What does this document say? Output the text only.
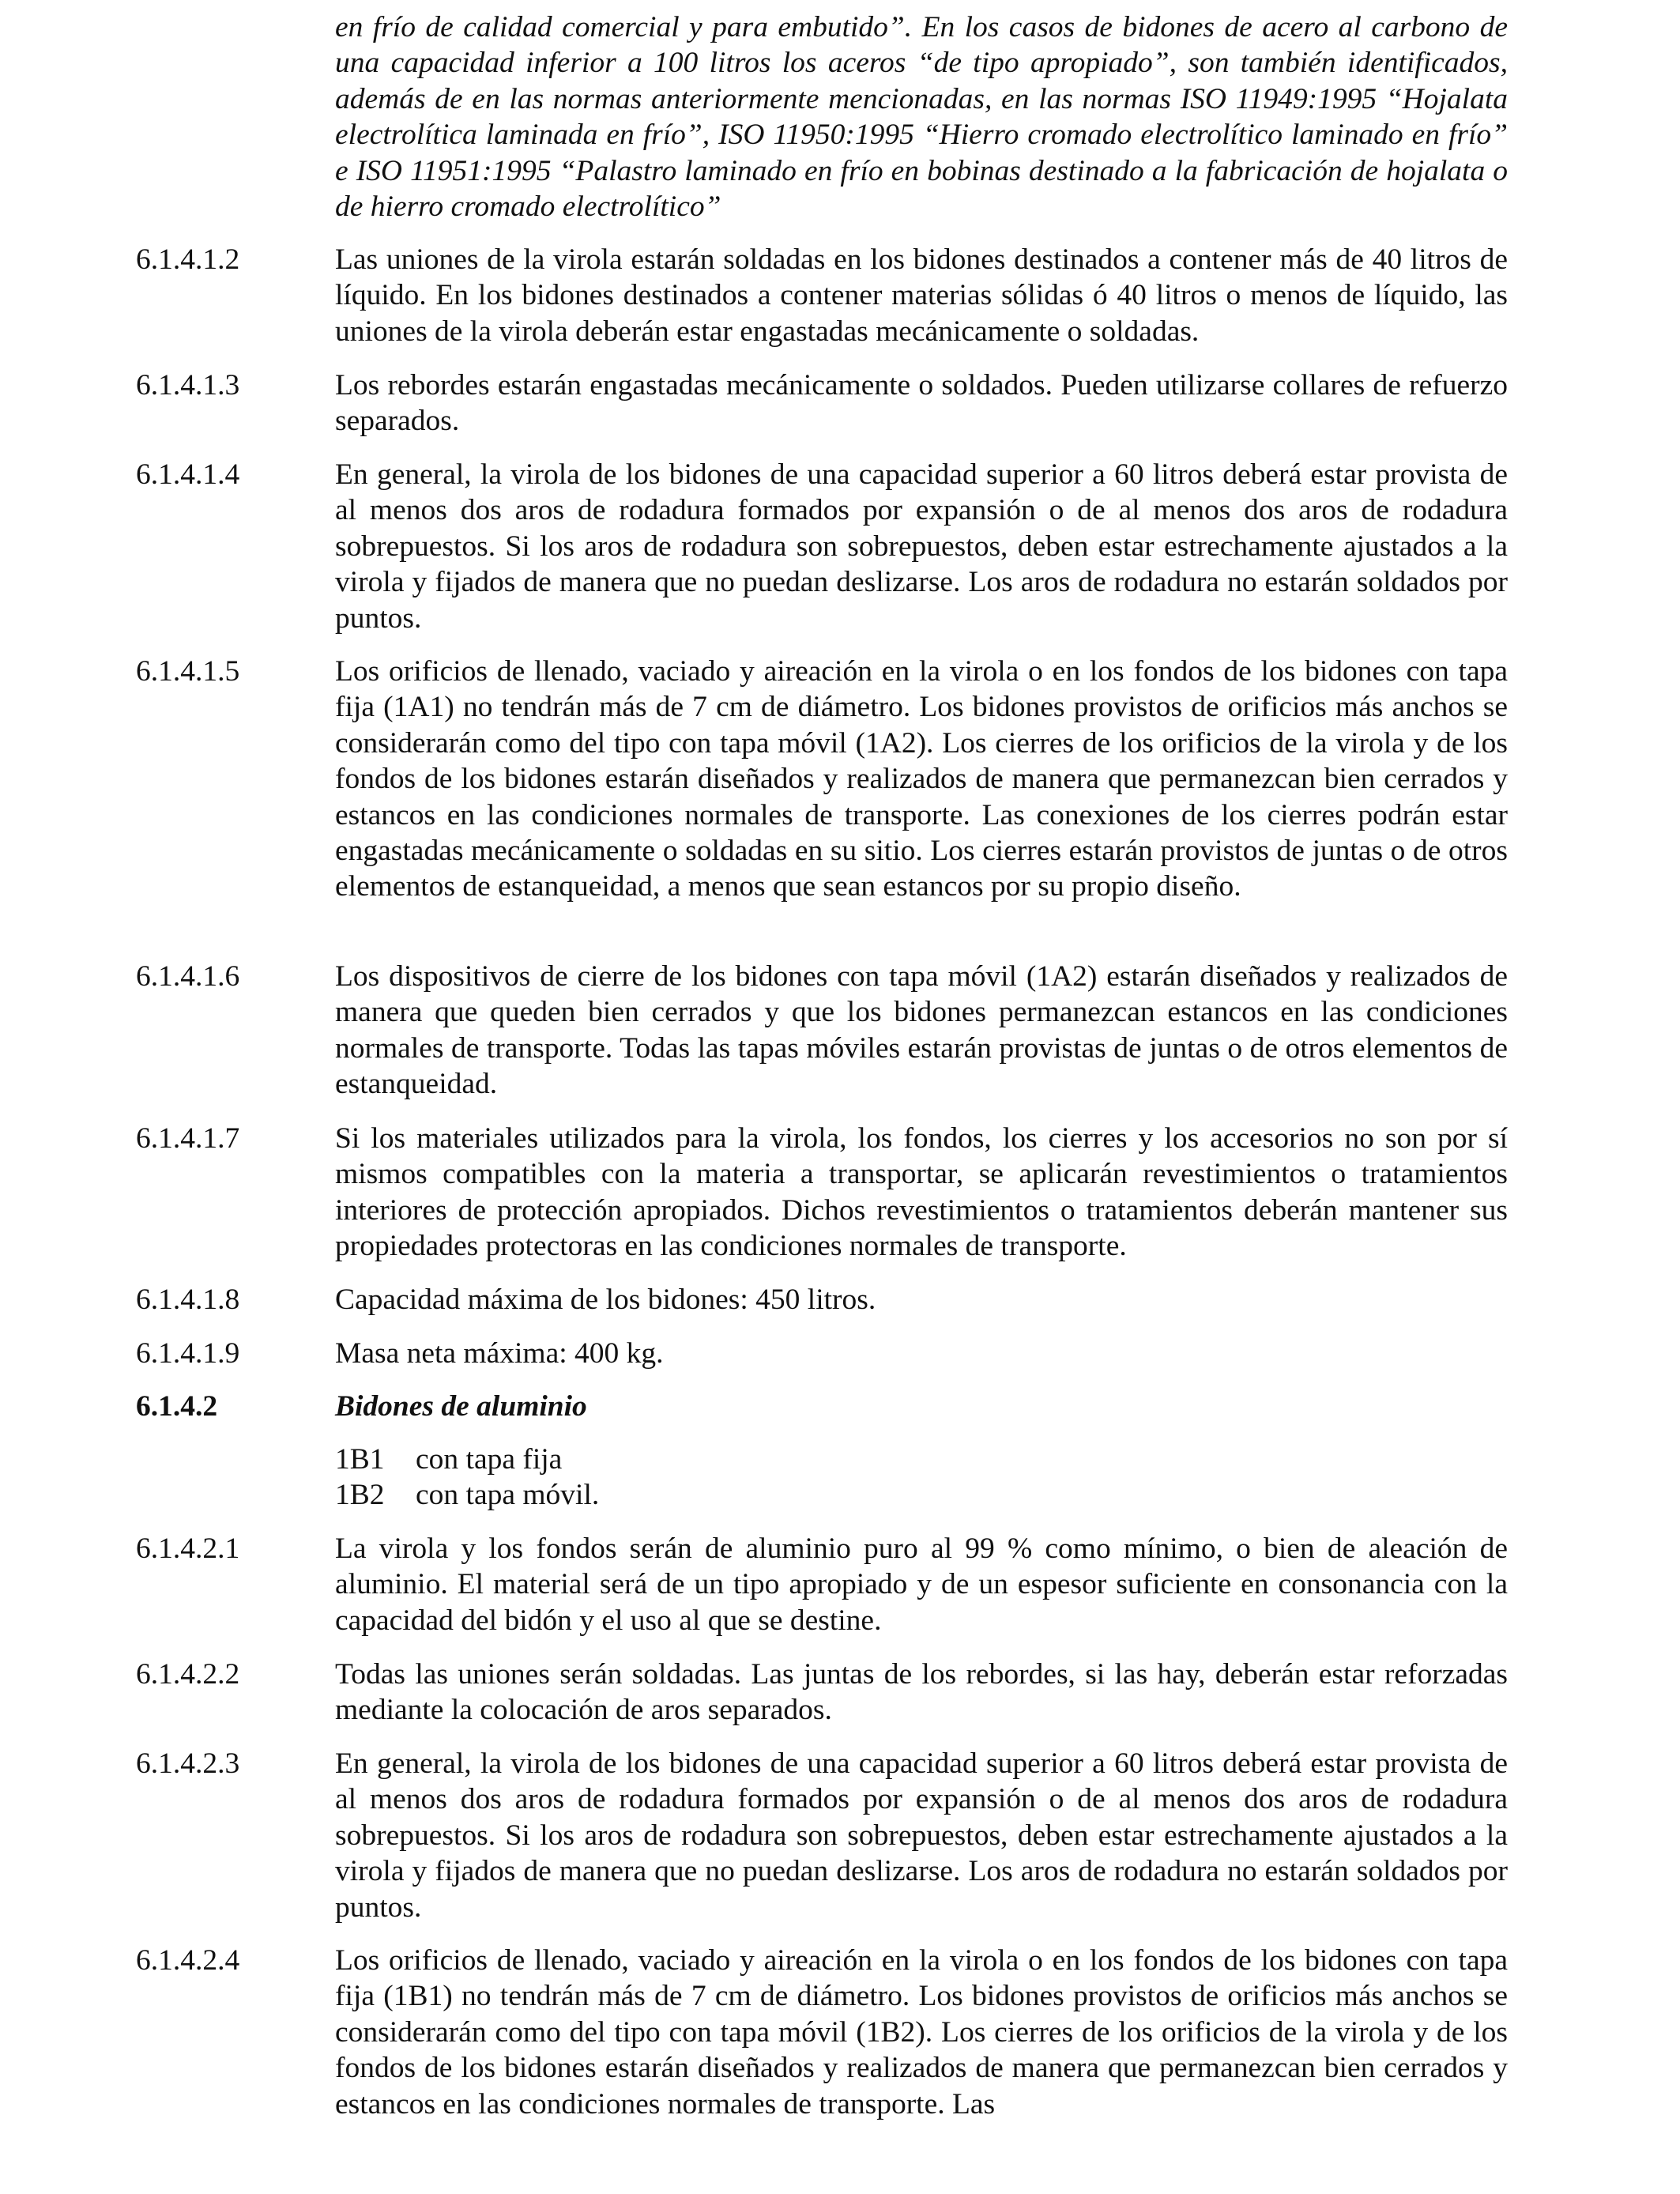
en frío de calidad comercial y para embutido”. En los casos de bidones de acero al carbono de una capacidad inferior a 100 litros los aceros “de tipo apropiado”, son también identificados, además de en las normas anteriormente mencionadas, en las normas ISO 11949:1995 “Hojalata electrolítica laminada en frío”, ISO 11950:1995 “Hierro cromado electrolítico laminado en frío” e ISO 11951:1995 “Palastro laminado en frío en bobinas destinado a la fabricación de hojalata o de hierro cromado electrolítico”

6.1.4.1.2	Las uniones de la virola estarán soldadas en los bidones destinados a contener más de 40 litros de líquido. En los bidones destinados a contener materias sólidas ó 40 litros o menos de líquido, las uniones de la virola deberán estar engastadas mecánicamente o soldadas.

6.1.4.1.3	Los rebordes estarán engastadas mecánicamente o soldados. Pueden utilizarse collares de refuerzo separados.

6.1.4.1.4	En general, la virola de los bidones de una capacidad superior a 60 litros deberá estar provista de al menos dos aros de rodadura formados por expansión o de al menos dos aros de rodadura sobrepuestos. Si los aros de rodadura son sobrepuestos, deben estar estrechamente ajustados a la virola y fijados de manera que no puedan deslizarse. Los aros de rodadura no estarán soldados por puntos.

6.1.4.1.5	Los orificios de llenado, vaciado y aireación en la virola o en los fondos de los bidones con tapa fija (1A1) no tendrán más de 7 cm de diámetro. Los bidones provistos de orificios más anchos se considerarán como del tipo con tapa móvil (1A2). Los cierres de los orificios de la virola y de los fondos de los bidones estarán diseñados y realizados de manera que permanezcan bien cerrados y estancos en las condiciones normales de transporte. Las conexiones de los cierres podrán estar engastadas mecánicamente o soldadas en su sitio. Los cierres estarán provistos de juntas o de otros elementos de estanqueidad, a menos que sean estancos por su propio diseño.

6.1.4.1.6	Los dispositivos de cierre de los bidones con tapa móvil (1A2) estarán diseñados y realizados de manera que queden bien cerrados y que los bidones permanezcan estancos en las condiciones normales de transporte. Todas las tapas móviles estarán provistas de juntas o de otros elementos de estanqueidad.

6.1.4.1.7	Si los materiales utilizados para la virola, los fondos, los cierres y los accesorios no son por sí mismos compatibles con la materia a transportar, se aplicarán revestimientos o tratamientos interiores de protección apropiados. Dichos revestimientos o tratamientos deberán mantener sus propiedades protectoras en las condiciones normales de transporte.

6.1.4.1.8	Capacidad máxima de los bidones: 450 litros.

6.1.4.1.9	Masa neta máxima: 400 kg.

6.1.4.2	Bidones de aluminio
1B1 con tapa fija
1B2 con tapa móvil.
6.1.4.2.1	La virola y los fondos serán de aluminio puro al 99 % como mínimo, o bien de aleación de aluminio. El material será de un tipo apropiado y de un espesor suficiente en consonancia con la capacidad del bidón y el uso al que se destine.

6.1.4.2.2	Todas las uniones serán soldadas. Las juntas de los rebordes, si las hay, deberán estar reforzadas mediante la colocación de aros separados.

6.1.4.2.3	En general, la virola de los bidones de una capacidad superior a 60 litros deberá estar provista de al menos dos aros de rodadura formados por expansión o de al menos dos aros de rodadura sobrepuestos. Si los aros de rodadura son sobrepuestos, deben estar estrechamente ajustados a la virola y fijados de manera que no puedan deslizarse. Los aros de rodadura no estarán soldados por puntos.

6.1.4.2.4	Los orificios de llenado, vaciado y aireación en la virola o en los fondos de los bidones con tapa fija (1B1) no tendrán más de 7 cm de diámetro. Los bidones provistos de orificios más anchos se considerarán como del tipo con tapa móvil (1B2). Los cierres de los orificios de la virola y de los fondos de los bidones estarán diseñados y realizados de manera que permanezcan bien cerrados y estancos en las condiciones normales de transporte. Las
